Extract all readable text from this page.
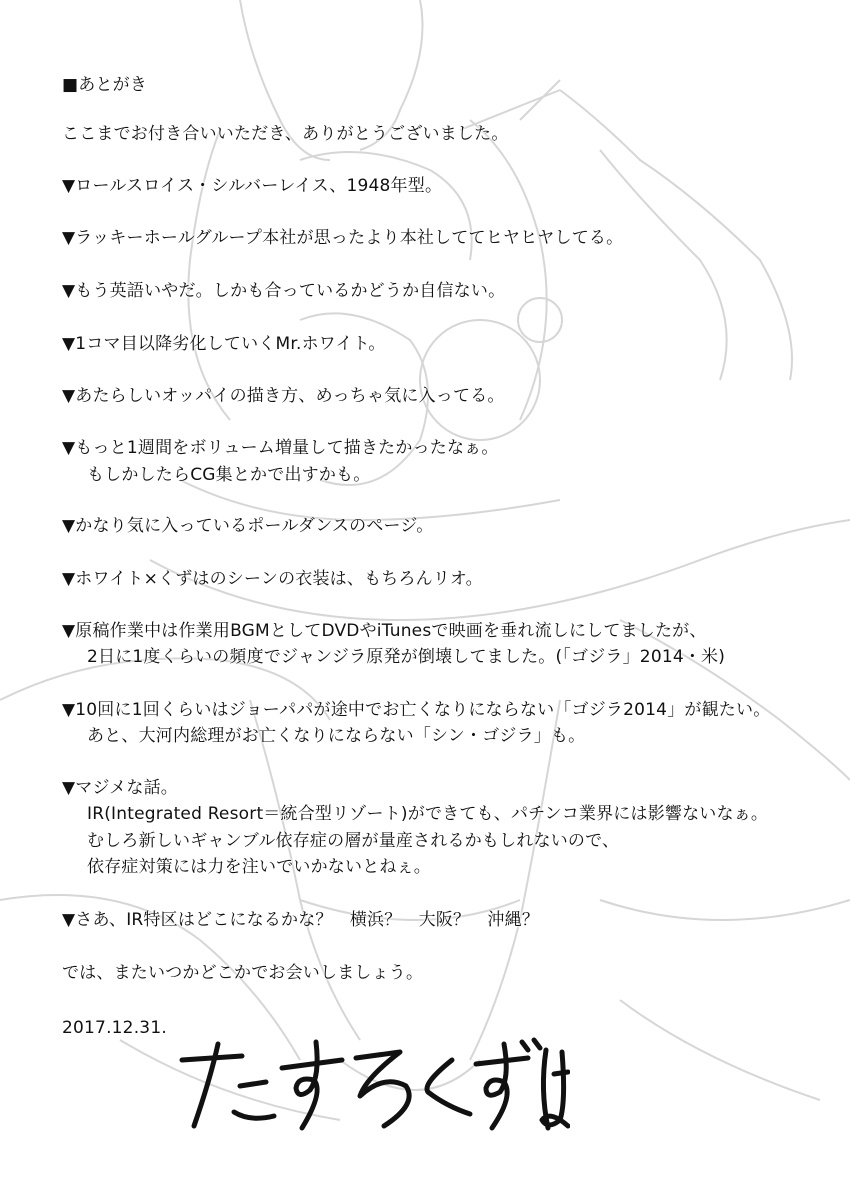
■あとがき
ここまでお付き合いいただき、ありがとうございました。
▼ロールスロイス・シルバーレイス、1948年型。
▼ラッキーホールグループ本社が思ったより本社しててヒヤヒヤしてる。
▼もう英語いやだ。しかも合っているかどうか自信ない。
▼1コマ目以降劣化していくMr.ホワイト。
▼あたらしいオッパイの描き方、めっちゃ気に入ってる。
▼もっと1週間をボリューム増量して描きたかったなぁ。
もしかしたらCG集とかで出すかも。
▼かなり気に入っているポールダンスのページ。
▼ホワイト×くずはのシーンの衣装は、もちろんリオ。
▼原稿作業中は作業用BGMとしてDVDやiTunesで映画を垂れ流しにしてましたが、
2日に1度くらいの頻度でジャンジラ原発が倒壊してました。(「ゴジラ」2014・米)
▼10回に1回くらいはジョーパパが途中でお亡くなりにならない「ゴジラ2014」が観たい。
あと、大河内総理がお亡くなりにならない「シン・ゴジラ」も。
▼マジメな話。
IR(Integrated Resort＝統合型リゾート)ができても、パチンコ業界には影響ないなぁ。
むしろ新しいギャンブル依存症の層が量産されるかもしれないので、
依存症対策には力を注いでいかないとねぇ。
▼さあ、IR特区はどこになるかな？　横浜？　大阪？　沖縄？
では、またいつかどこかでお会いしましょう。
2017.12.31.
